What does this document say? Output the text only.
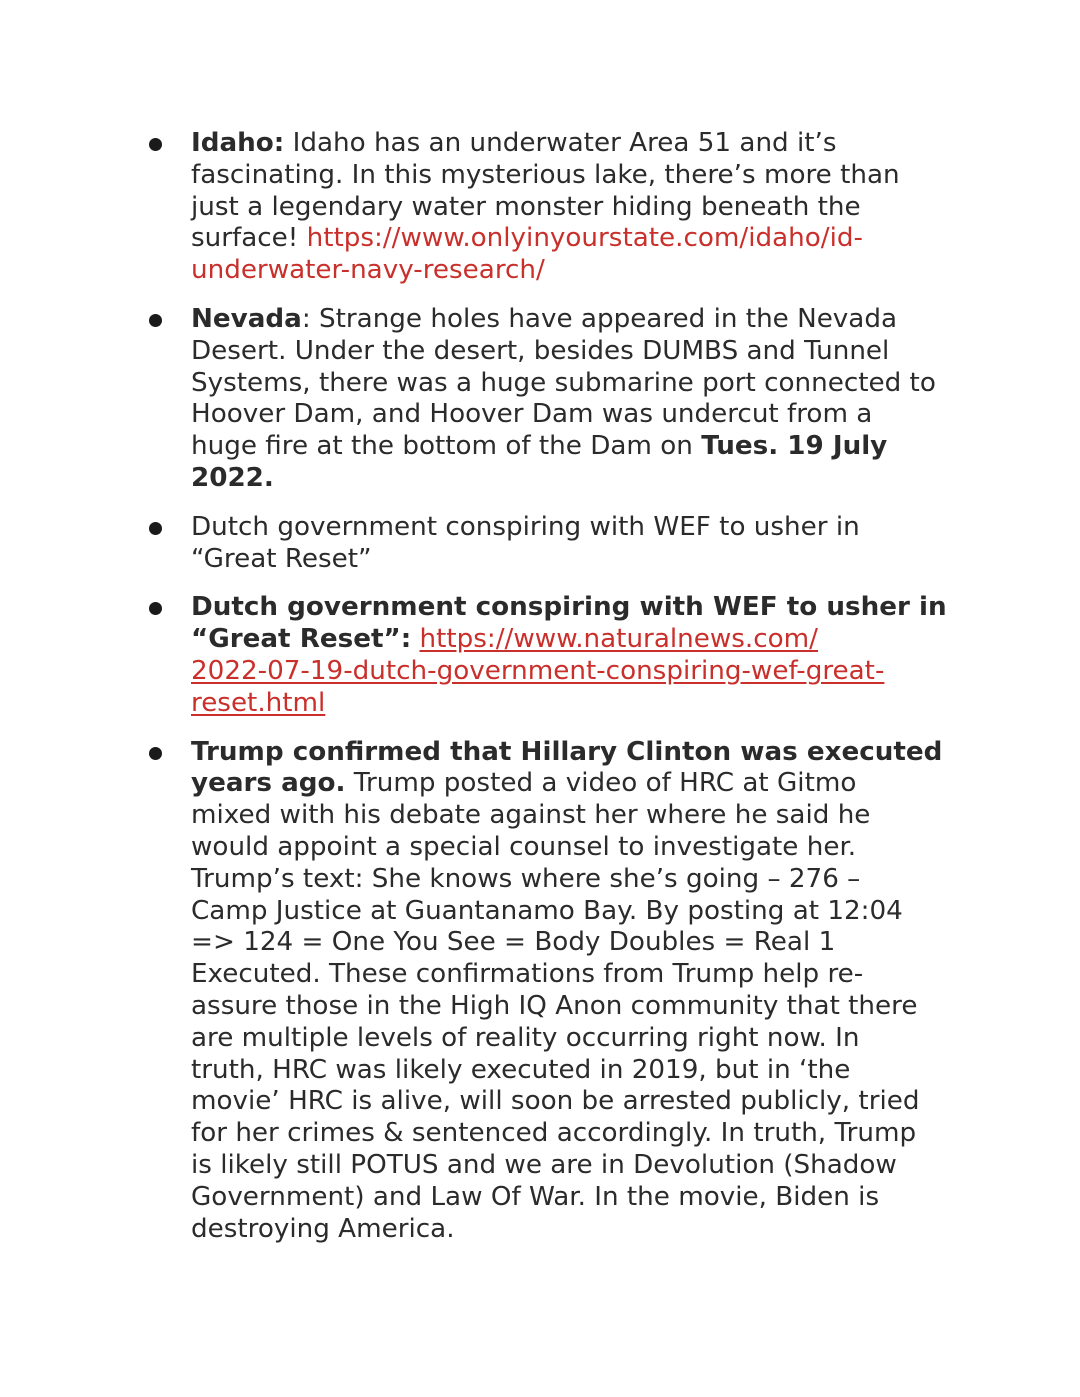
Idaho: Idaho has an underwater Area 51 and it’s
fascinating. In this mysterious lake, there’s more than
just a legendary water monster hiding beneath the
surface! https://www.onlyinyourstate.com/idaho/id-
underwater-navy-research/
Nevada: Strange holes have appeared in the Nevada
Desert. Under the desert, besides DUMBS and Tunnel
Systems, there was a huge submarine port connected to
Hoover Dam, and Hoover Dam was undercut from a
huge fire at the bottom of the Dam on Tues. 19 July
2022.
Dutch government conspiring with WEF to usher in
“Great Reset”
Dutch government conspiring with WEF to usher in
“Great Reset”: https://www.naturalnews.com/
2022-07-19-dutch-government-conspiring-wef-great-
reset.html
Trump confirmed that Hillary Clinton was executed
years ago. Trump posted a video of HRC at Gitmo
mixed with his debate against her where he said he
would appoint a special counsel to investigate her.
Trump’s text: She knows where she’s going – 276 –
Camp Justice at Guantanamo Bay. By posting at 12:04
=> 124 = One You See = Body Doubles = Real 1
Executed. These confirmations from Trump help re-
assure those in the High IQ Anon community that there
are multiple levels of reality occurring right now. In
truth, HRC was likely executed in 2019, but in ‘the
movie’ HRC is alive, will soon be arrested publicly, tried
for her crimes & sentenced accordingly. In truth, Trump
is likely still POTUS and we are in Devolution (Shadow
Government) and Law Of War. In the movie, Biden is
destroying America.
